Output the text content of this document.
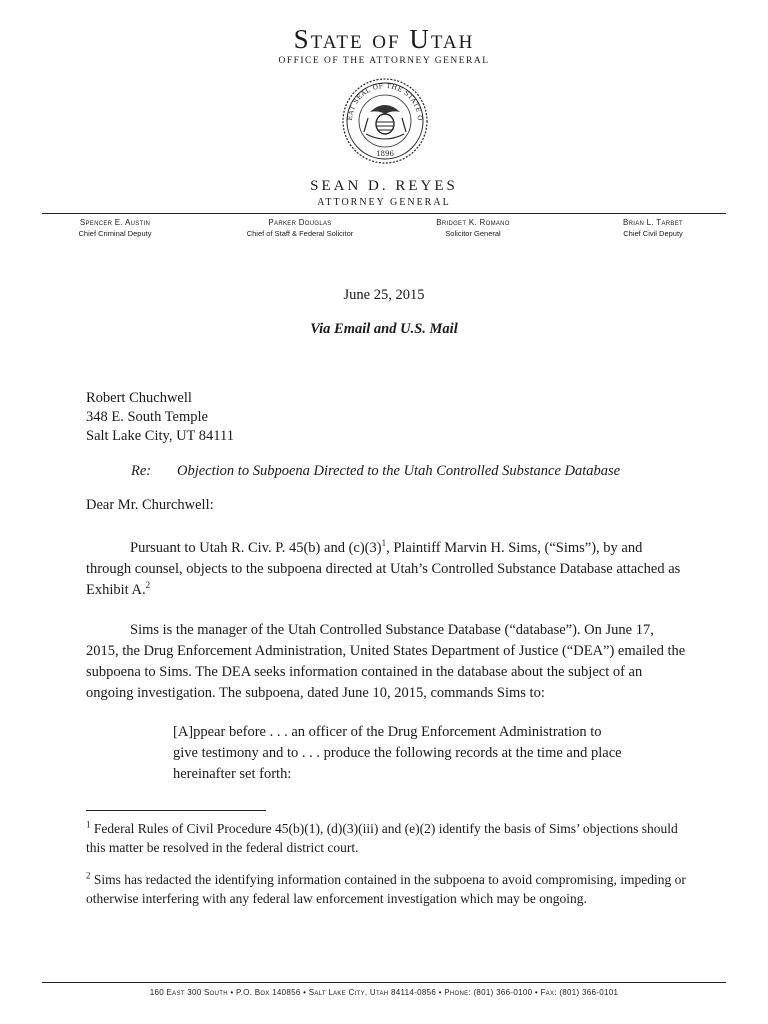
State of Utah
OFFICE OF THE ATTORNEY GENERAL
EAT SEAL OF THE STATE O
1896
SEAN D. REYES
ATTORNEY GENERAL
Spencer E. Austin
Chief Criminal Deputy
Parker Douglas
Chief of Staff & Federal Solicitor
Bridget K. Romano
Solicitor General
Brian L. Tarbet
Chief Civil Deputy
June 25, 2015
Via Email and U.S. Mail
Robert Chuchwell
348 E. South Temple
Salt Lake City, UT 84111
Re: Objection to Subpoena Directed to the Utah Controlled Substance Database
Dear Mr. Churchwell:
Pursuant to Utah R. Civ. P. 45(b) and $(c)(3)^1$, Plaintiff Marvin H. Sims, (“Sims”), by and through counsel, objects to the subpoena directed at Utah’s Controlled Substance Database attached as Exhibit A.$^2$
Sims is the manager of the Utah Controlled Substance Database (“database”). On June 17, 2015, the Drug Enforcement Administration, United States Department of Justice (“DEA”) emailed the subpoena to Sims. The DEA seeks information contained in the database about the subject of an ongoing investigation. The subpoena, dated June 10, 2015, commands Sims to:
[A]ppear before . . . an officer of the Drug Enforcement Administration to give testimony and to . . . produce the following records at the time and place hereinafter set forth:
$^1$ Federal Rules of Civil Procedure 45(b)(1), (d)(3)(iii) and (e)(2) identify the basis of Sims’ objections should this matter be resolved in the federal district court.
$^2$ Sims has redacted the identifying information contained in the subpoena to avoid compromising, impeding or otherwise interfering with any federal law enforcement investigation which may be ongoing.
160 East 300 South • P.O. Box 140856 • Salt Lake City, Utah 84114-0856 • Phone: (801) 366-0100 • Fax: (801) 366-0101
